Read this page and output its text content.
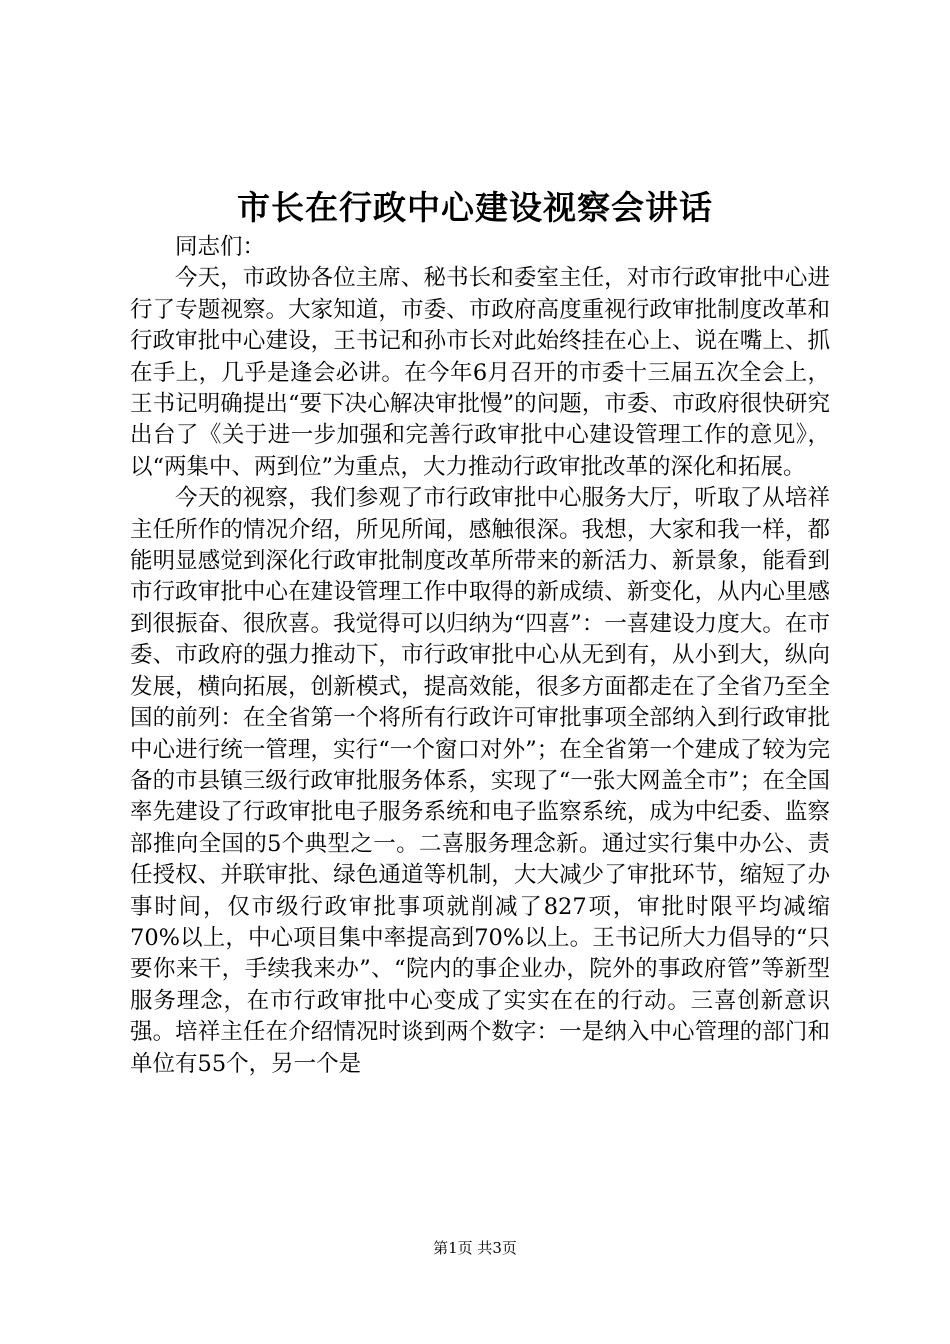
市长在行政中心建设视察会讲话
同志们：

今天，市政协各位主席、秘书长和委室主任，对市行政审批中心进行了专题视察。大家知道，市委、市政府高度重视行政审批制度改革和行政审批中心建设，王书记和孙市长对此始终挂在心上、说在嘴上、抓在手上，几乎是逢会必讲。在今年6月召开的市委十三届五次全会上，王书记明确提出“要下决心解决审批慢”的问题，市委、市政府很快研究出台了《关于进一步加强和完善行政审批中心建设管理工作的意见》，以“两集中、两到位”为重点，大力推动行政审批改革的深化和拓展。

今天的视察，我们参观了市行政审批中心服务大厅，听取了从培祥主任所作的情况介绍，所见所闻，感触很深。我想，大家和我一样，都能明显感觉到深化行政审批制度改革所带来的新活力、新景象，能看到市行政审批中心在建设管理工作中取得的新成绩、新变化，从内心里感到很振奋、很欣喜。我觉得可以归纳为“四喜”：一喜建设力度大。在市委、市政府的强力推动下，市行政审批中心从无到有，从小到大，纵向发展，横向拓展，创新模式，提高效能，很多方面都走在了全省乃至全国的前列：在全省第一个将所有行政许可审批事项全部纳入到行政审批中心进行统一管理，实行“一个窗口对外”；在全省第一个建成了较为完备的市县镇三级行政审批服务体系，实现了“一张大网盖全市”；在全国率先建设了行政审批电子服务系统和电子监察系统，成为中纪委、监察部推向全国的5个典型之一。二喜服务理念新。通过实行集中办公、责任授权、并联审批、绿色通道等机制，大大减少了审批环节，缩短了办事时间，仅市级行政审批事项就削减了827项，审批时限平均减缩70%以上，中心项目集中率提高到70%以上。王书记所大力倡导的“只要你来干，手续我来办”、“院内的事企业办，院外的事政府管”等新型服务理念，在市行政审批中心变成了实实在在的行动。三喜创新意识强。培祥主任在介绍情况时谈到两个数字：一是纳入中心管理的部门和单位有55个，另一个是

第1页 共3页
